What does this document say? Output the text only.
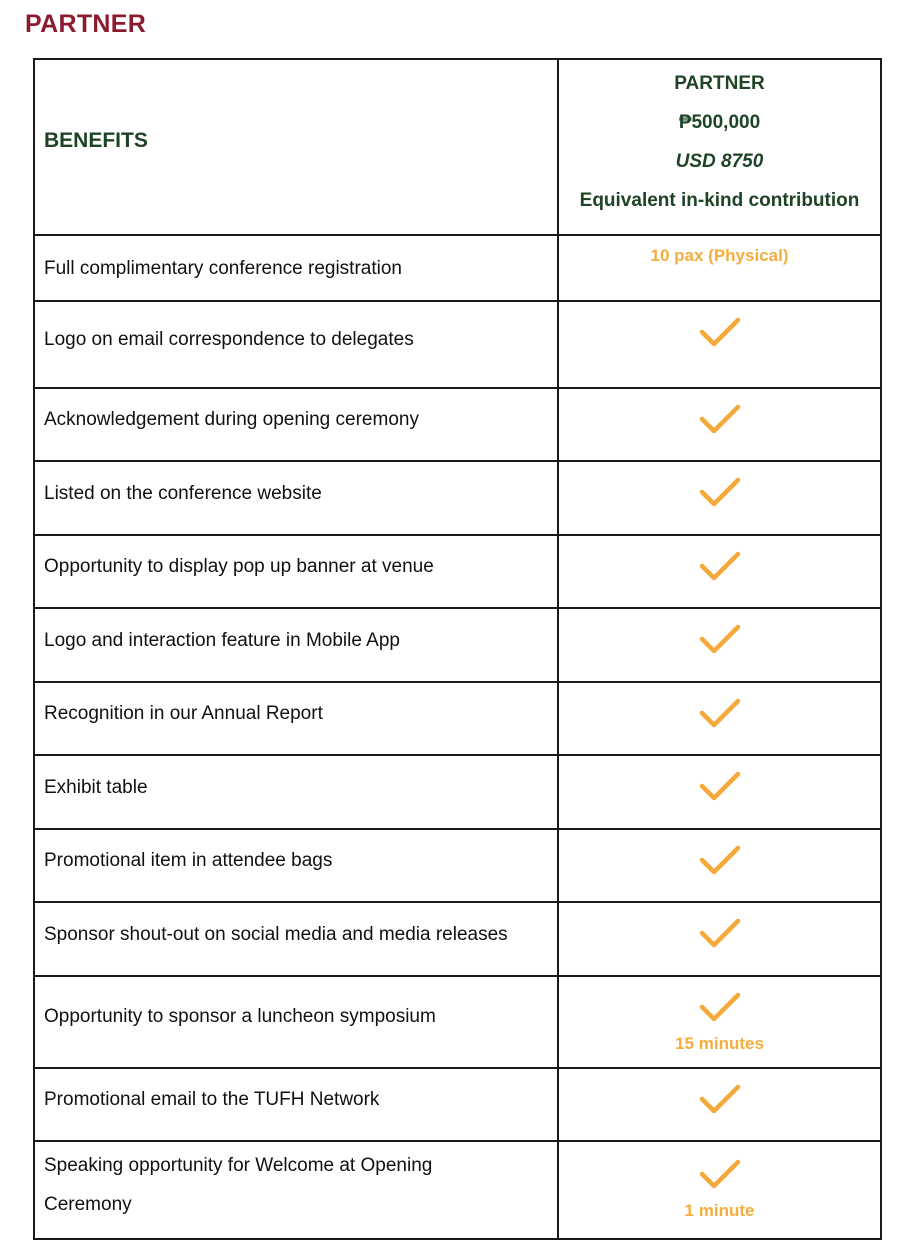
PARTNER
BENEFITS	PARTNER
₱500,000
USD 8750
Equivalent in-kind contribution

Full complimentary conference registration	10 pax (Physical)

Logo on email correspondence to delegates	

Acknowledgement during opening ceremony	

Listed on the conference website	

Opportunity to display pop up banner at venue	

Logo and interaction feature in Mobile App	

Recognition in our Annual Report	

Exhibit table	

Promotional item in attendee bags	

Sponsor shout-out on social media and media releases	

Opportunity to sponsor a luncheon symposium	15 minutes

Promotional email to the TUFH Network	

Speaking opportunity for Welcome at Opening Ceremony	1 minute
